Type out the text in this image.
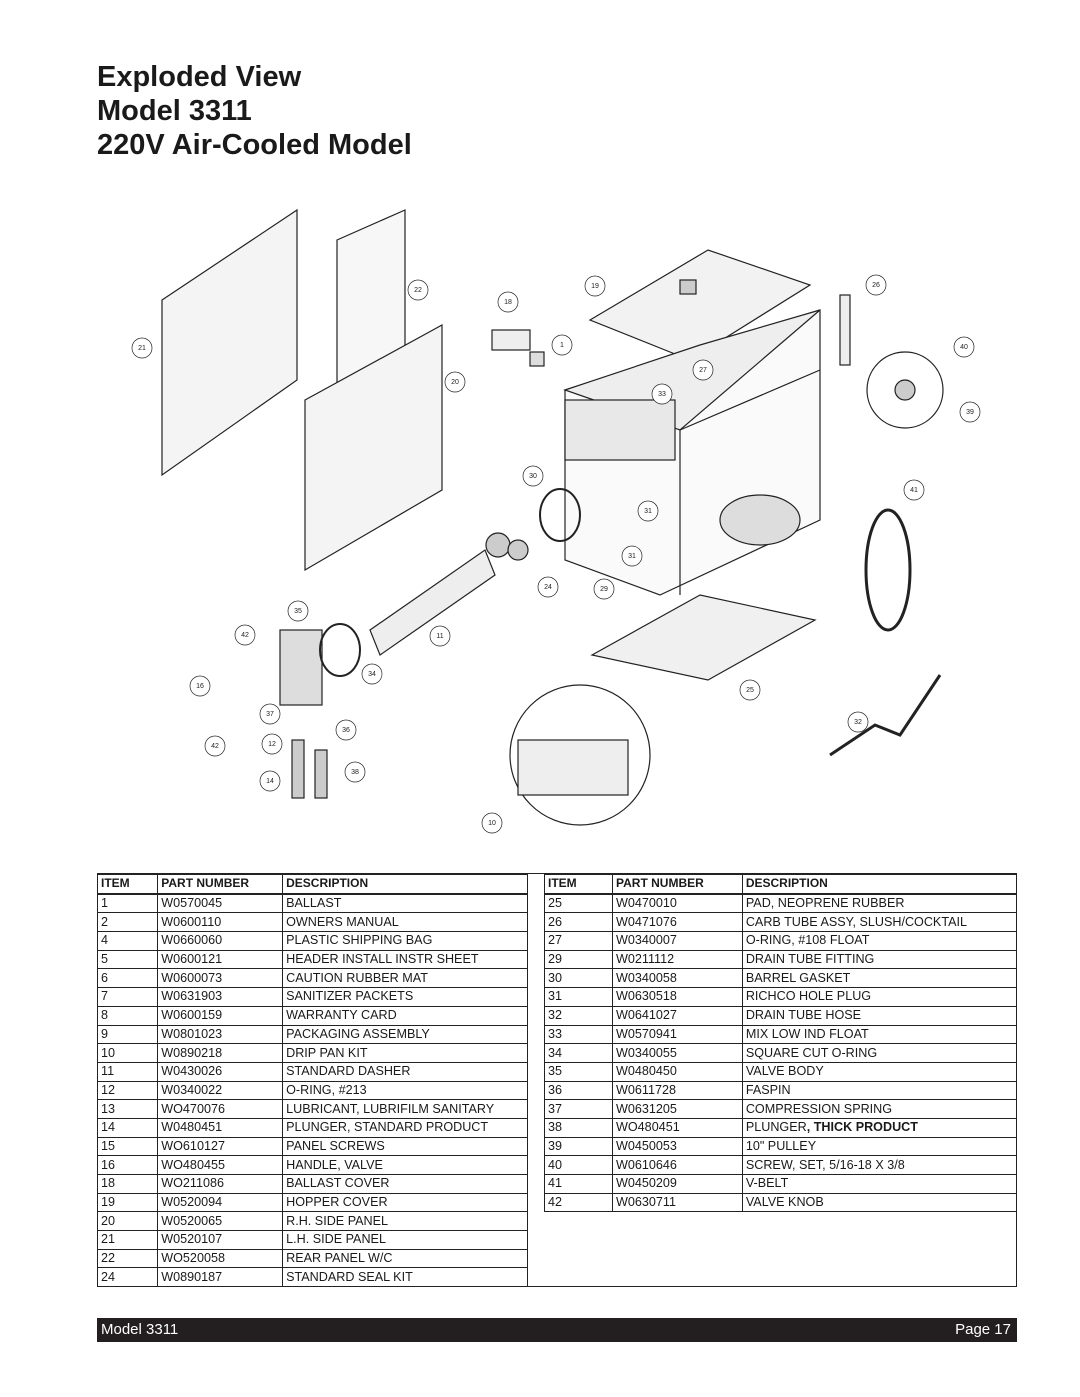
Exploded View
Model 3311
220V Air-Cooled Model
21
22
20
18
1
19	26
40
39
27
33
30
41
31
31
24	29
35
11
42
34
16
25
37
36
32
12
42
14
38
10
ITEM	PART NUMBER	DESCRIPTION
1	W0570045	BALLAST
2	W0600110	OWNERS MANUAL
4	W0660060	PLASTIC SHIPPING BAG
5	W0600121	HEADER INSTALL INSTR SHEET
6	W0600073	CAUTION RUBBER MAT
7	W0631903	SANITIZER PACKETS
8	W0600159	WARRANTY CARD
9	W0801023	PACKAGING ASSEMBLY
10	W0890218	DRIP PAN KIT
11	W0430026	STANDARD DASHER
12	W0340022	O-RING, #213
13	WO470076	LUBRICANT, LUBRIFILM SANITARY
14	W0480451	PLUNGER, STANDARD PRODUCT
15	WO610127	PANEL SCREWS
16	WO480455	HANDLE, VALVE
18	WO211086	BALLAST COVER
19	W0520094	HOPPER COVER
20	W0520065	R.H. SIDE PANEL
21	W0520107	L.H. SIDE PANEL
22	WO520058	REAR PANEL W/C
24	W0890187	STANDARD SEAL KIT
ITEM	PART NUMBER	DESCRIPTION
25	W0470010	PAD, NEOPRENE RUBBER
26	W0471076	CARB TUBE ASSY, SLUSH/COCKTAIL
27	W0340007	O-RING, #108 FLOAT
29	W0211112	DRAIN TUBE FITTING
30	W0340058	BARREL GASKET
31	W0630518	RICHCO HOLE PLUG
32	W0641027	DRAIN TUBE HOSE
33	W0570941	MIX LOW IND FLOAT
34	W0340055	SQUARE CUT O-RING
35	W0480450	VALVE BODY
36	W0611728	FASPIN
37	W0631205	COMPRESSION SPRING
38	WO480451	PLUNGER, THICK PRODUCT
39	W0450053	10" PULLEY
40	W0610646	SCREW, SET, 5/16-18 X 3/8
41	W0450209	V-BELT
42	W0630711	VALVE KNOB
Model 3311	Page 17
